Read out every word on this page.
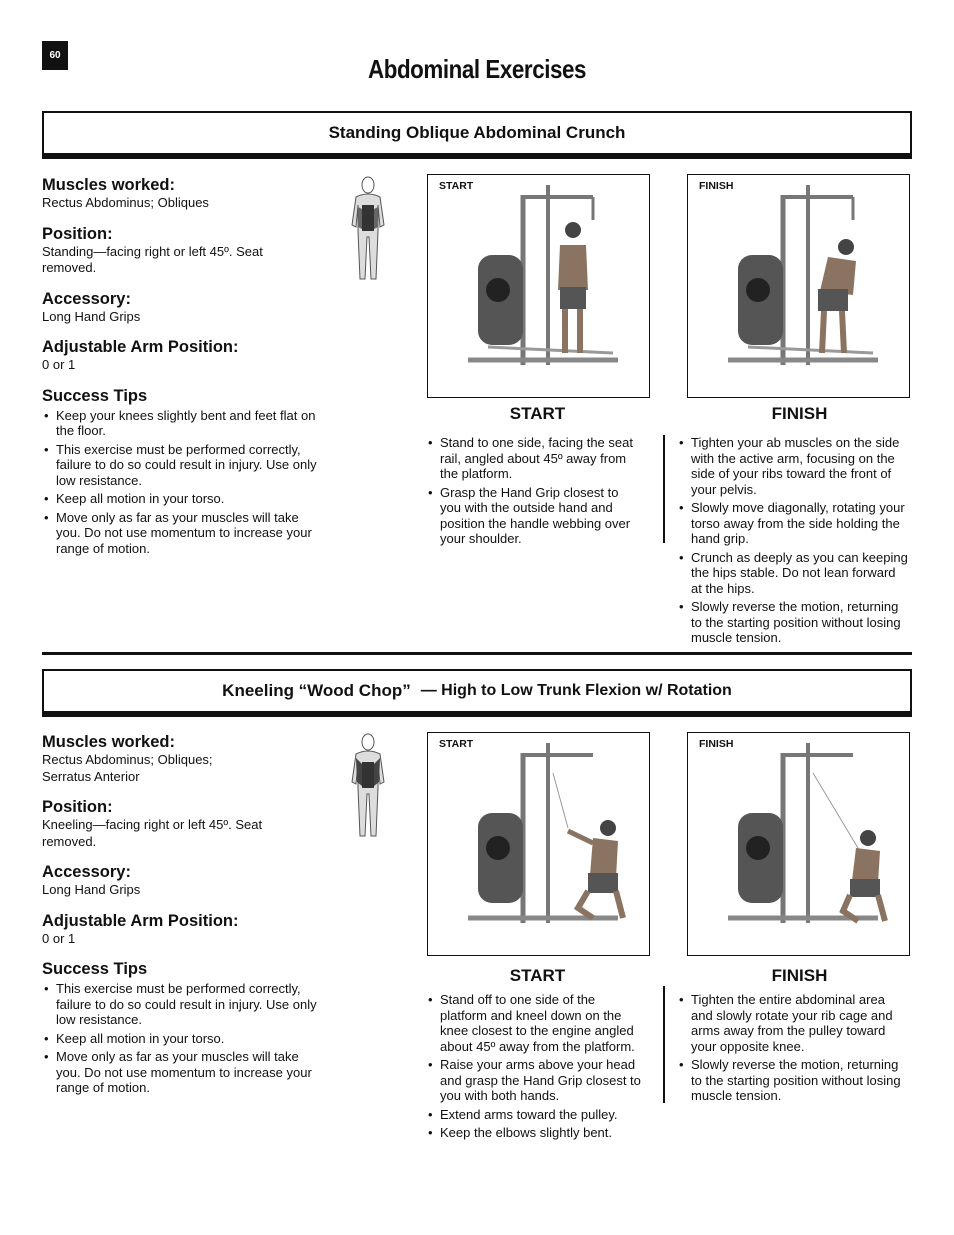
60	Abdominal Exercises
Standing Oblique Abdominal Crunch

Muscles worked:

Rectus Abdominus; Obliques

Position:

Standing—facing right or left 45º. Seat

removed.

Accessory:

Long Hand Grips

Adjustable Arm Position:

0 or 1

Success Tips

• Keep your knees slightly bent and feet flat on the floor.
• This exercise must be performed correctly, failure to do so could result in injury. Use only low resistance.
• Keep all motion in your torso.
• Move only as far as your muscles will take you. Do not use momentum to increase your range of motion.
START	FINISH
START	FINISH
• Stand to one side, facing the seat rail, angled about 45º away from the platform.
• Grasp the Hand Grip closest to you with the outside hand and position the handle webbing over your shoulder.
• Tighten your ab muscles on the side with the active arm, focusing on the side of your ribs toward the front of your pelvis.
• Slowly move diagonally, rotating your torso away from the side holding the hand grip.
• Crunch as deeply as you can keeping the hips stable. Do not lean forward at the hips.
• Slowly reverse the motion, returning to the starting position without losing muscle tension.
Kneeling “Wood Chop” — High to Low Trunk Flexion w/ Rotation

Muscles worked:

Rectus Abdominus; Obliques;

Serratus Anterior

Position:

Kneeling—facing right or left 45º. Seat

removed.

Accessory:

Long Hand Grips

Adjustable Arm Position:

0 or 1

Success Tips

• This exercise must be performed correctly, failure to do so could result in injury. Use only low resistance.
• Keep all motion in your torso.
• Move only as far as your muscles will take you. Do not use momentum to increase your range of motion.
START	FINISH
START	FINISH
• Stand off to one side of the platform and kneel down on the knee closest to the engine angled about 45º away from the platform.
• Raise your arms above your head and grasp the Hand Grip closest to you with both hands.
• Extend arms toward the pulley.
• Keep the elbows slightly bent.
• Tighten the entire abdominal area and slowly rotate your rib cage and arms away from the pulley toward your opposite knee.
• Slowly reverse the motion, returning to the starting position without losing muscle tension.
